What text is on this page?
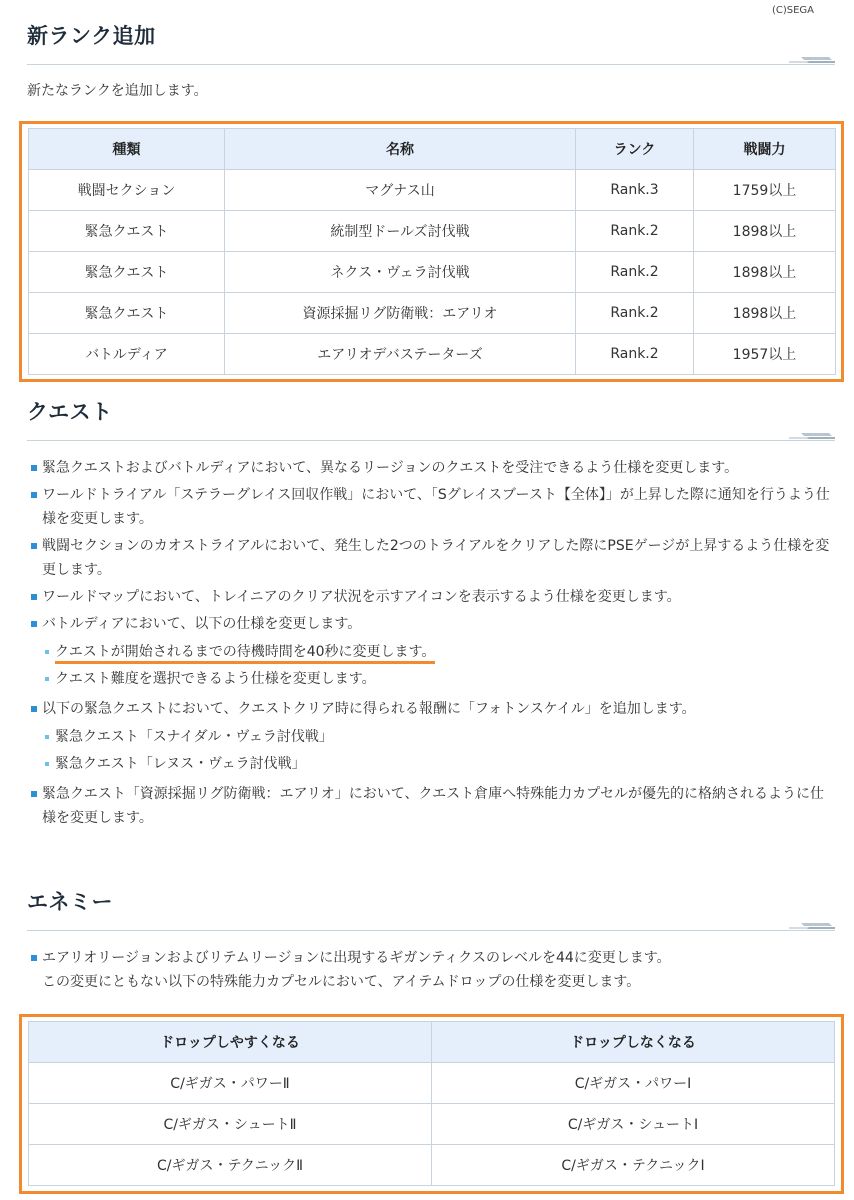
(C)SEGA
新ランク追加

新たなランクを追加します。

種類	名称	ランク	戦闘力
戦闘セクション	マグナス山	Rank.3	1759以上
緊急クエスト	統制型ドールズ討伐戦	Rank.2	1898以上
緊急クエスト	ネクス・ヴェラ討伐戦	Rank.2	1898以上
緊急クエスト	資源採掘リグ防衛戦：エアリオ	Rank.2	1898以上
バトルディア	エアリオデバステーターズ	Rank.2	1957以上
クエスト
緊急クエストおよびバトルディアにおいて、異なるリージョンのクエストを受注できるよう仕様を変更します。
ワールドトライアル「ステラーグレイス回収作戦」において、「Sグレイスブースト【全体】」が上昇した際に通知を行うよう仕様を変更します。
戦闘セクションのカオストライアルにおいて、発生した2つのトライアルをクリアした際にPSEゲージが上昇するよう仕様を変更します。
ワールドマップにおいて、トレイニアのクリア状況を示すアイコンを表示するよう仕様を変更します。
バトルディアにおいて、以下の仕様を変更します。
クエストが開始されるまでの待機時間を40秒に変更します。
クエスト難度を選択できるよう仕様を変更します。
以下の緊急クエストにおいて、クエストクリア時に得られる報酬に「フォトンスケイル」を追加します。
緊急クエスト「スナイダル・ヴェラ討伐戦」
緊急クエスト「レヌス・ヴェラ討伐戦」
緊急クエスト「資源採掘リグ防衛戦：エアリオ」において、クエスト倉庫へ特殊能力カプセルが優先的に格納されるように仕様を変更します。
エネミー
エアリオリージョンおよびリテムリージョンに出現するギガンティクスのレベルを44に変更します。
この変更にともない以下の特殊能力カプセルにおいて、アイテムドロップの仕様を変更します。
ドロップしやすくなる	ドロップしなくなる
C/ギガス・パワーⅡ	C/ギガス・パワーⅠ
C/ギガス・シュートⅡ	C/ギガス・シュートⅠ
C/ギガス・テクニックⅡ	C/ギガス・テクニックⅠ
